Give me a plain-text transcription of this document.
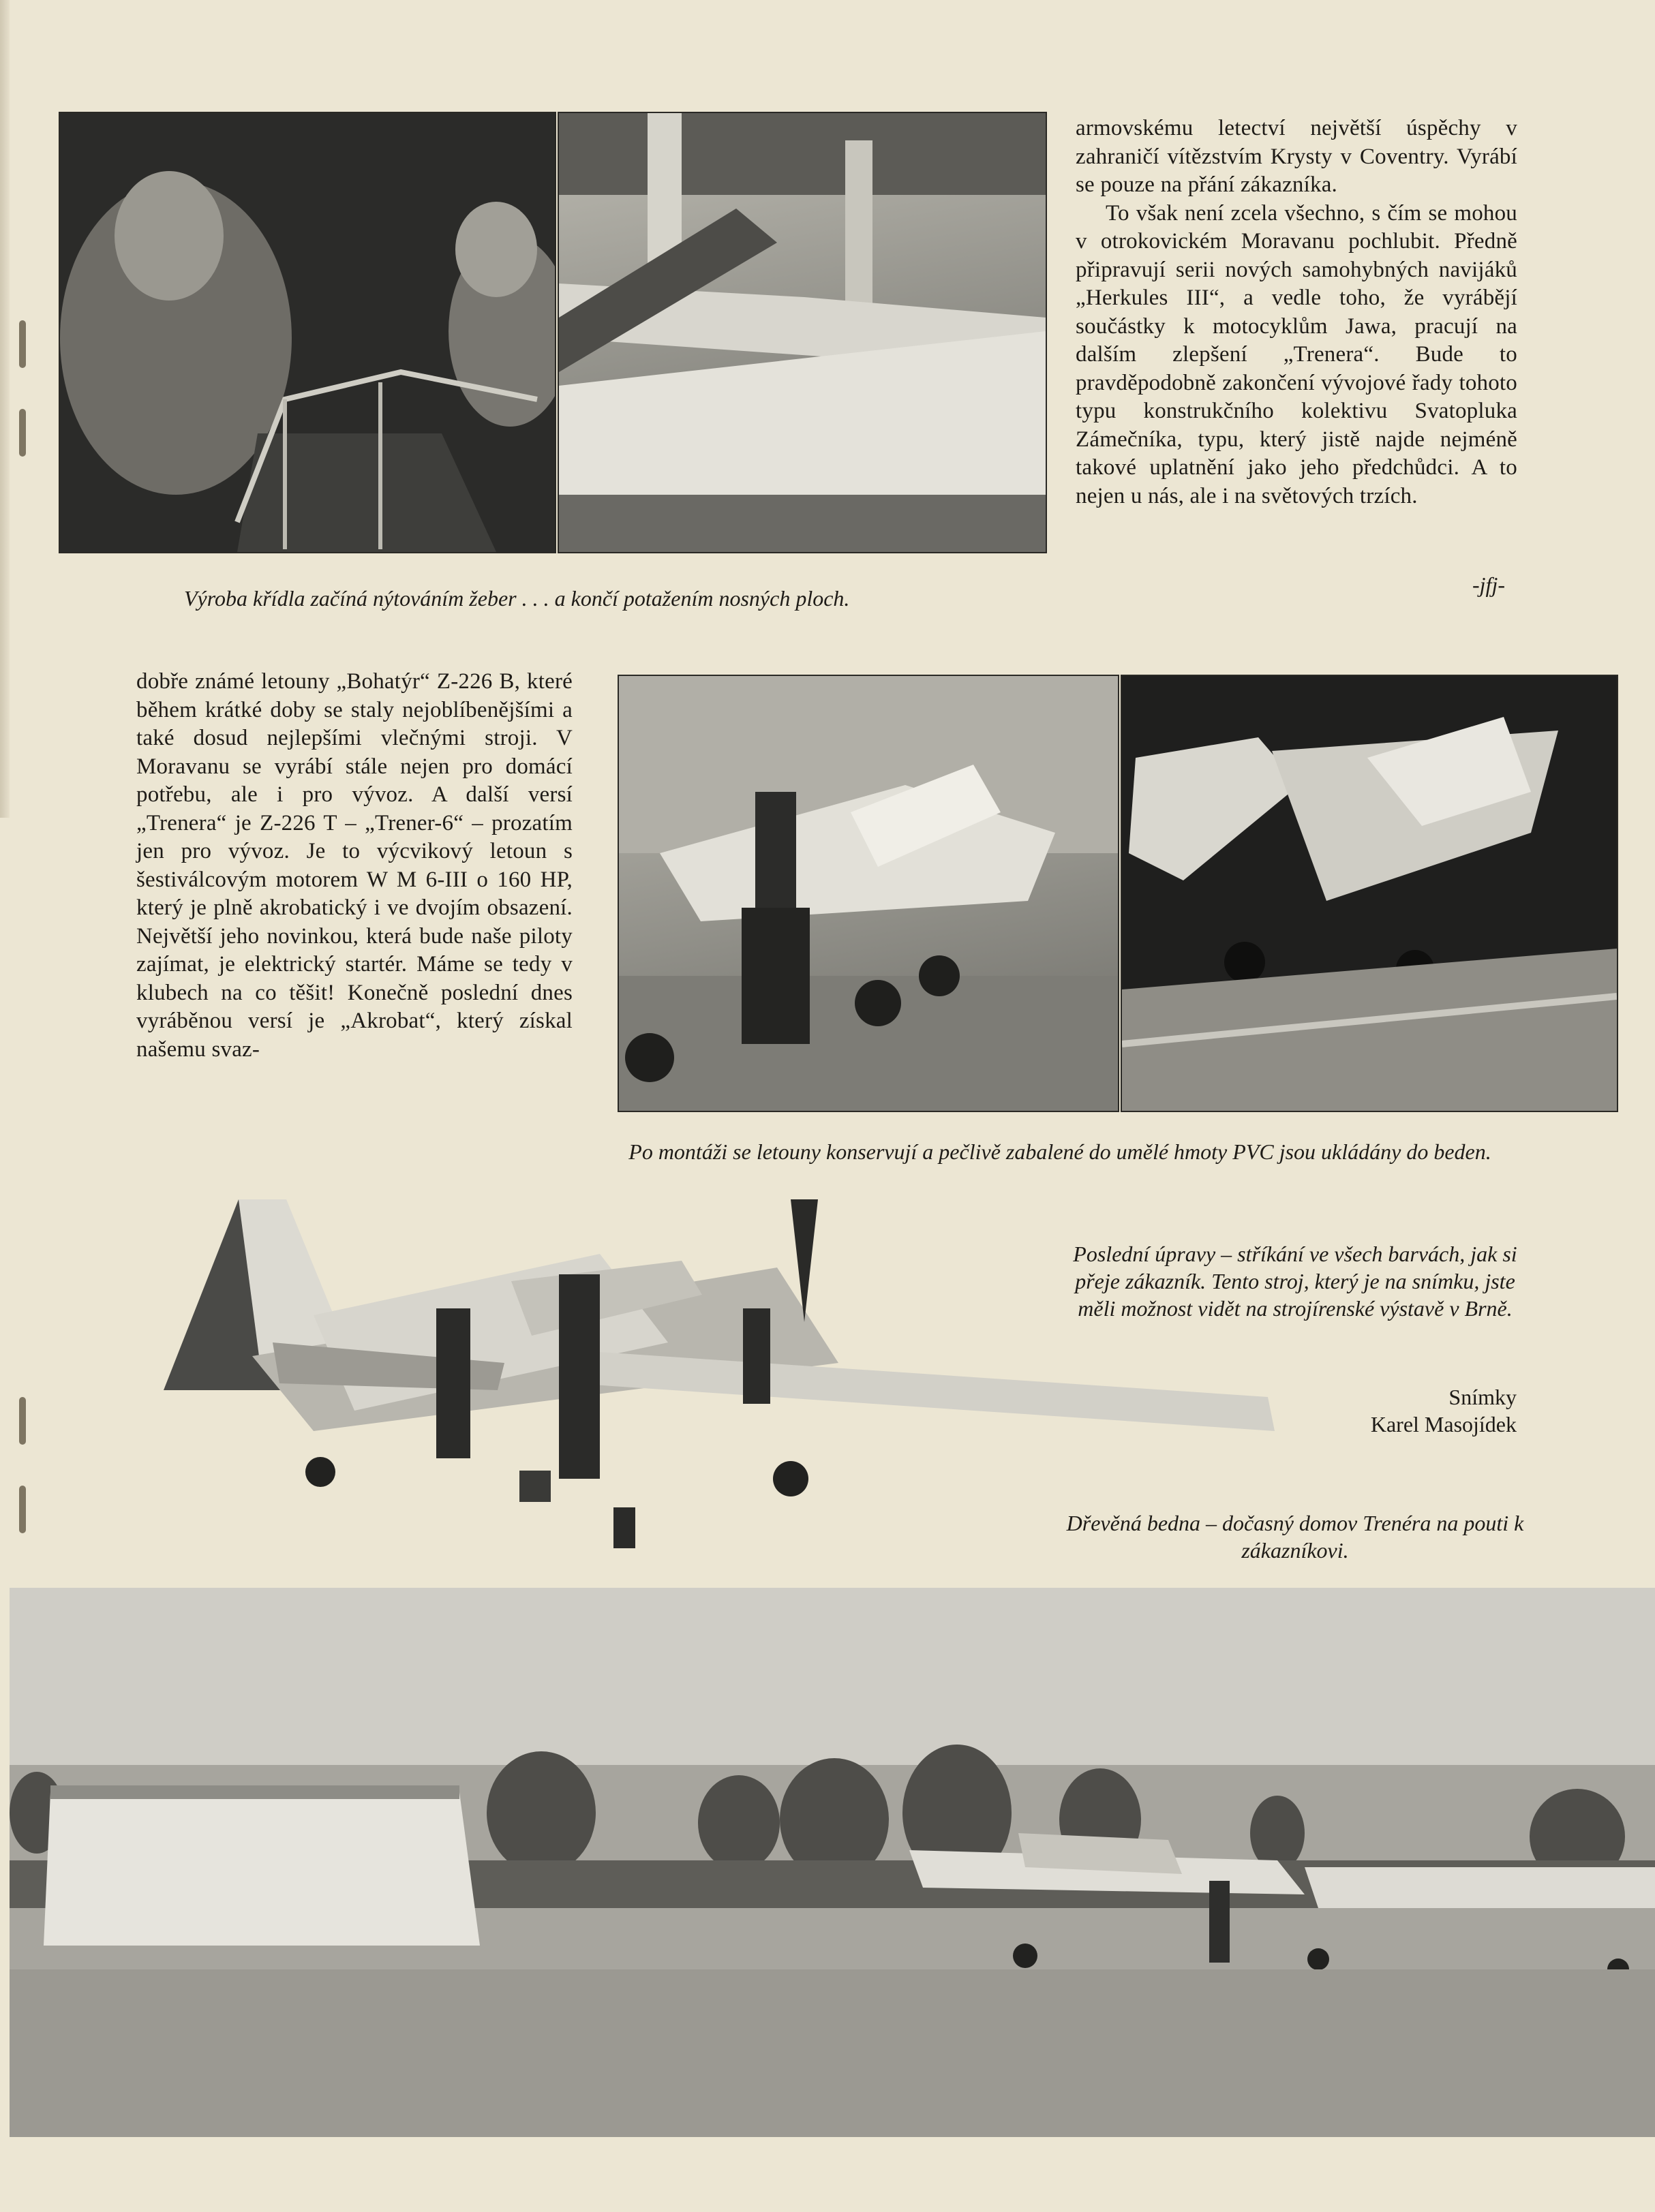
armovskému letectví největší úspěchy v zahraničí vítězstvím Krysty v Coventry. Vyrábí se pouze na přání zákazníka.

To však není zcela všechno, s čím se mohou v otrokovickém Moravanu pochlubit. Předně připravují serii nových samohybných navijáků „Herkules III“, a vedle toho, že vyrábějí součástky k motocyklům Jawa, pracují na dalším zlepšení „Trenera“. Bude to pravděpodobně zakončení vývojové řady tohoto typu konstrukčního kolektivu Svatopluka Zámečníka, typu, který jistě najde nejméně takové uplatnění jako jeho předchůdci. A to nejen u nás, ale i na světových trzích.

-jfj-
Výroba křídla začíná nýtováním žeber . . . a končí potažením nosných ploch.

dobře známé letouny „Bohatýr“ Z-226 B, které během krátké doby se staly nejoblíbenějšími a také dosud nejlepšími vlečnými stroji. V Moravanu se vyrábí stále nejen pro domácí potřebu, ale i pro vývoz. A další versí „Trenera“ je Z-226 T – „Trener-6“ – prozatím jen pro vývoz. Je to výcvikový letoun s šestiválcovým motorem W M 6-III o 160 HP, který je plně akrobatický i ve dvojím obsazení. Největší jeho novinkou, která bude naše piloty zajímat, je elektrický startér. Máme se tedy v klubech na co těšit! Konečně poslední dnes vyráběnou versí je „Akrobat“, který získal našemu svaz-

Po montáži se letouny konservují a pečlivě zabalené do umělé hmoty PVC jsou ukládány do beden.
Poslední úpravy – stříkání ve všech barvách, jak si přeje zákazník. Tento stroj, který je na snímku, jste měli možnost vidět na strojírenské výstavě v Brně.
Snímky
Karel Masojídek
Dřevěná bedna – dočasný domov Trenéra na pouti k zákazníkovi.
